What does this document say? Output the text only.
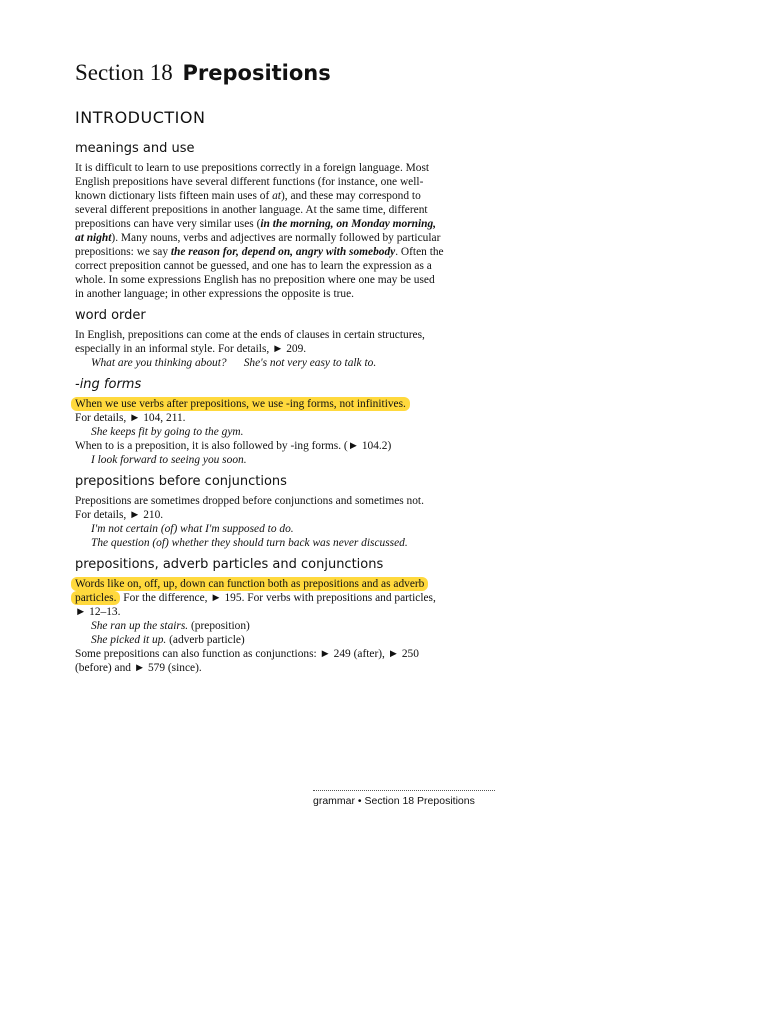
Section 18 Prepositions
INTRODUCTION
meanings and use

It is difficult to learn to use prepositions correctly in a foreign language. Most

English prepositions have several different functions (for instance, one well-

known dictionary lists fifteen main uses of at), and these may correspond to

several different prepositions in another language. At the same time, different

prepositions can have very similar uses (in the morning, on Monday morning,

at night). Many nouns, verbs and adjectives are normally followed by particular

prepositions: we say the reason for, depend on, angry with somebody. Often the

correct preposition cannot be guessed, and one has to learn the expression as a

whole. In some expressions English has no preposition where one may be used

in another language; in other expressions the opposite is true.

word order

In English, prepositions can come at the ends of clauses in certain structures,

especially in an informal style. For details, ► 209.

What are you thinking about? She's not very easy to talk to.

-ing forms

When we use verbs after prepositions, we use -ing forms, not infinitives.

For details, ► 104, 211.

She keeps fit by going to the gym.

When to is a preposition, it is also followed by -ing forms. (► 104.2)

I look forward to seeing you soon.

prepositions before conjunctions

Prepositions are sometimes dropped before conjunctions and sometimes not.

For details, ► 210.

I'm not certain (of) what I'm supposed to do.

The question (of) whether they should turn back was never discussed.

prepositions, adverb particles and conjunctions

Words like on, off, up, down can function both as prepositions and as adverb

particles. For the difference, ► 195. For verbs with prepositions and particles,

► 12–13.

She ran up the stairs. (preposition)

She picked it up. (adverb particle)

Some prepositions can also function as conjunctions: ► 249 (after), ► 250

(before) and ► 579 (since).

grammar • Section 18 Prepositions
